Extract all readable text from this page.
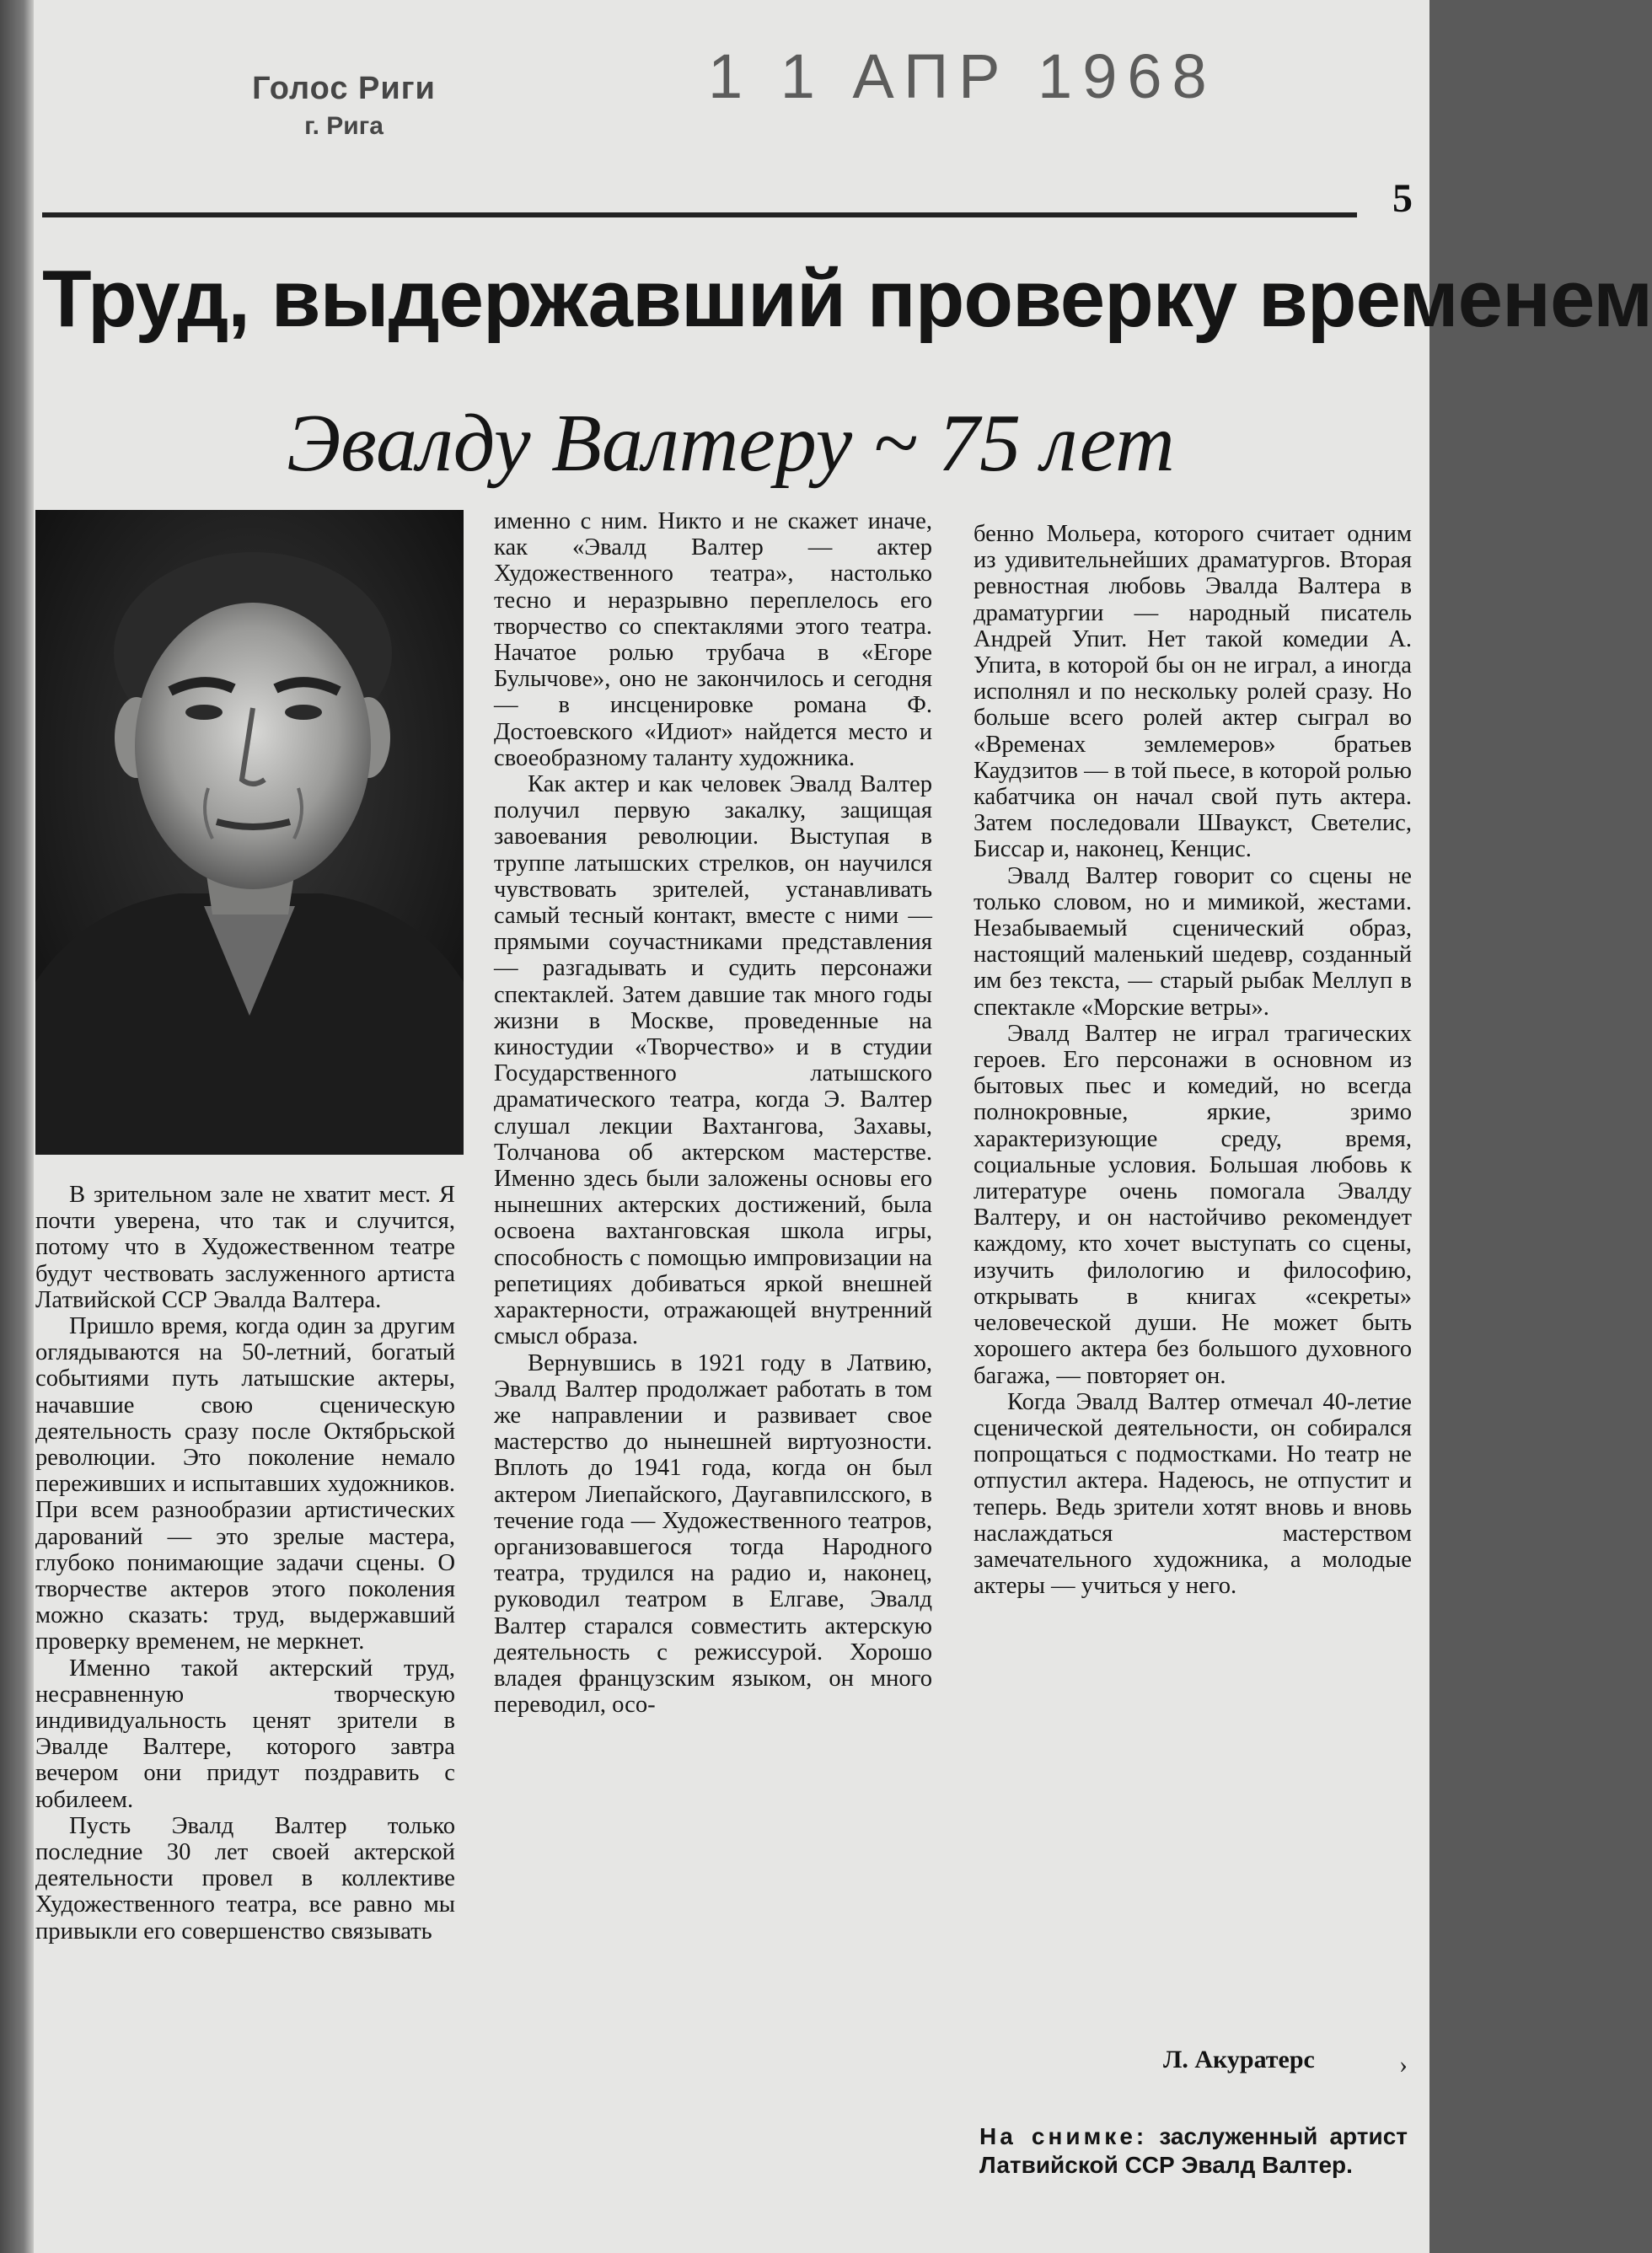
Голос Риги
г. Рига
1 1 АПР 1968
5
Труд, выдержавший проверку временем
Эвалду Валтеру ~ 75 лет

В зрительном зале не хватит мест. Я почти уверена, что так и случится, потому что в Художественном театре будут чествовать заслуженного артиста Латвийской ССР Эвалда Валтера.

Пришло время, когда один за другим оглядываются на 50-летний, богатый событиями путь латышские актеры, начавшие свою сценическую деятельность сразу после Октябрьской революции. Это поколение немало переживших и испытавших художников. При всем разнообразии артистических дарований — это зрелые мастера, глубоко понимающие задачи сцены. О творчестве актеров этого поколения можно сказать: труд, выдержавший проверку временем, не меркнет.

Именно такой актерский труд, несравненную творческую индивидуальность ценят зрители в Эвалде Валтере, которого завтра вечером они придут поздравить с юбилеем.

Пусть Эвалд Валтер только последние 30 лет своей актерской деятельности провел в коллективе Художественного театра, все равно мы привыкли его совершенство связывать

именно с ним. Никто и не скажет иначе, как «Эвалд Валтер — актер Художественного театра», настолько тесно и неразрывно переплелось его творчество со спектаклями этого театра. Начатое ролью трубача в «Егоре Булычове», оно не закончилось и сегодня — в инсценировке романа Ф. Достоевского «Идиот» найдется место и своеобразному таланту художника.

Как актер и как человек Эвалд Валтер получил первую закалку, защищая завоевания революции. Выступая в труппе латышских стрелков, он научился чувствовать зрителей, устанавливать самый тесный контакт, вместе с ними — прямыми соучастниками представления — разгадывать и судить персонажи спектаклей. Затем давшие так много годы жизни в Москве, проведенные на киностудии «Творчество» и в студии Государственного латышского драматического театра, когда Э. Валтер слушал лекции Вахтангова, Захавы, Толчанова об актерском мастерстве. Именно здесь были заложены основы его нынешних актерских достижений, была освоена вахтанговская школа игры, способность с помощью импровизации на репетициях добиваться яркой внешней характерности, отражающей внутренний смысл образа.

Вернувшись в 1921 году в Латвию, Эвалд Валтер продолжает работать в том же направлении и развивает свое мастерство до нынешней виртуозности. Вплоть до 1941 года, когда он был актером Лиепайского, Даугавпилсского, в течение года — Художественного театров, организовавшегося тогда Народного театра, трудился на радио и, наконец, руководил театром в Елгаве, Эвалд Валтер старался совместить актерскую деятельность с режиссурой. Хорошо владея французским языком, он много переводил, осо-

бенно Мольера, которого считает одним из удивительнейших драматургов. Вторая ревностная любовь Эвалда Валтера в драматургии — народный писатель Андрей Упит. Нет такой комедии А. Упита, в которой бы он не играл, а иногда исполнял и по нескольку ролей сразу. Но больше всего ролей актер сыграл во «Временах землемеров» братьев Каудзитов — в той пьесе, в которой ролью кабатчика он начал свой путь актера. Затем последовали Швaукст, Светелис, Биссар и, наконец, Кенцис.

Эвалд Валтер говорит со сцены не только словом, но и мимикой, жестами. Незабываемый сценический образ, настоящий маленький шедевр, созданный им без текста, — старый рыбак Меллуп в спектакле «Морские ветры».

Эвалд Валтер не играл трагических героев. Его персонажи в основном из бытовых пьес и комедий, но всегда полнокровные, яркие, зримо характеризующие среду, время, социальные условия. Большая любовь к литературе очень помогала Эвалду Валтеру, и он настойчиво рекомендует каждому, кто хочет выступать со сцены, изучить филологию и философию, открывать в книгах «секреты» человеческой души. Не может быть хорошего актера без большого духовного багажа, — повторяет он.

Когда Эвалд Валтер отмечал 40-летие сценической деятельности, он собирался попрощаться с подмостками. Но театр не отпустил актера. Надеюсь, не отпустит и теперь. Ведь зрители хотят вновь и вновь наслаждаться мастерством замечательного художника, а молодые актеры — учиться у него.

Л. Акуратерс	›
На снимке: заслуженный артист Латвийской ССР Эвалд Валтер.
